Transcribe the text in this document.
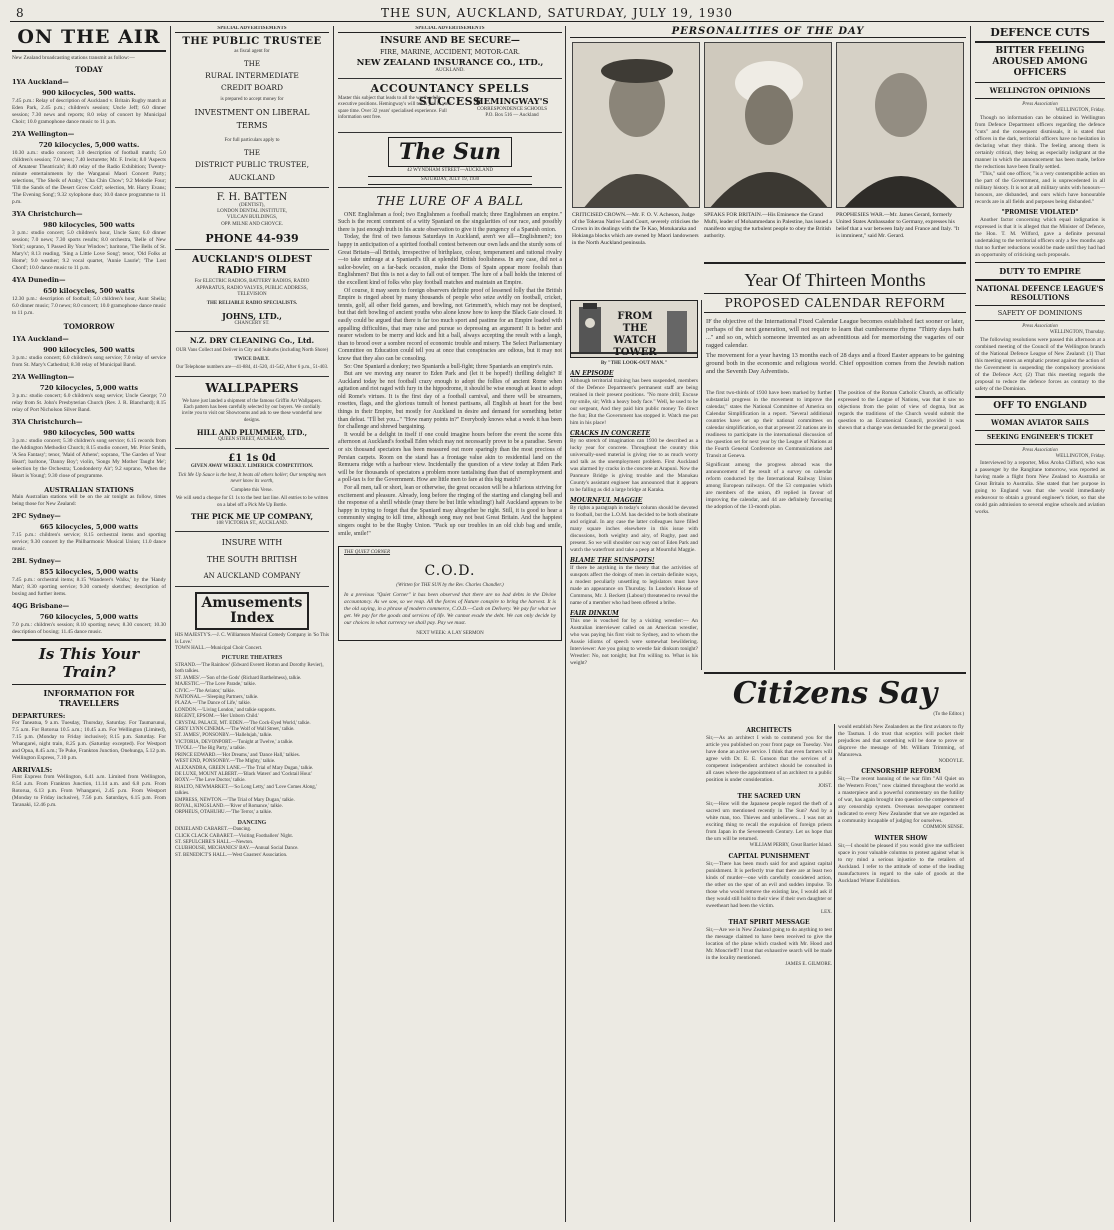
8	THE SUN, AUCKLAND, SATURDAY, JULY 19, 1930
ON THE AIR
New Zealand broadcasting stations transmit as follow:—
TODAY
1YA Auckland—
900 kilocycles, 500 watts.
7.45 p.m.: Relay of description of Auckland v. Britain Rugby match at Eden Park, 2.45 p.m.; children's session; Uncle Jeff; 6.0 dinner session; 7.30 news and reports; 8.0 relay of concert by Municipal Choir; 10.0 gramophone dance music to 11 p.m.
2YA Wellington—
720 kilocycles, 5,000 watts.
10.30 a.m.: studio concert; 3.0 description of football match; 5.0 children's session; 7.0 news; 7.40 lecturette; Mr. F. Irwin; 8.0 'Aspects of Amateur Theatricals'; 8.40 relay of the Radio Exhibition; Twenty-minute entertainments by the Wanganui Maori Concert Party; selections, 'The Sheik of Araby,' 'Cha Chin Chow'; 9.2 Melodie Four; 'Till the Sands of the Desert Grow Cold'; selection, Mr. Harry Evans; 'The Evening Song'; 9.32 xylophone duo; 10.0 dance programme to 11 p.m.
3YA Christchurch—
980 kilocycles, 500 watts
3 p.m.: studio concert; 5.0 children's hour, Uncle Sam; 6.0 dinner session; 7.0 news; 7.30 sports results; 8.0 orchestra, 'Belle of New York'; soprano, 'I Passed By Your Window'; baritone, 'The Bells of St. Mary's'; 8.13 reading, 'Sing a Little Love Song'; tenor, 'Old Folks at Home'; 9.0 weather; 9.2 vocal quartet, 'Annie Laurie'; 'The Lost Chord'; 10.0 dance music to 11 p.m.
4YA Dunedin—
650 kilocycles, 500 watts
12.30 p.m.: description of football; 5.0 children's hour, Aunt Sheila; 6.0 dinner music; 7.0 news; 8.0 concert; 10.0 gramophone dance music to 11 p.m.
TOMORROW
1YA Auckland—
900 kilocycles, 500 watts
3 p.m.: studio concert; 6.0 children's song service; 7.0 relay of service from St. Mary's Cathedral; 8.30 relay of Municipal Band.
2YA Wellington—
720 kilocycles, 5,000 watts
3 p.m.: studio concert; 6.0 children's song service; Uncle George; 7.0 relay from St. John's Presbyterian Church (Rev. J. R. Blanchard); 8.15 relay of Port Nicholson Silver Band.
3YA Christchurch—
980 kilocycles, 500 watts
3 p.m.: studio concert; 5.30 children's song service; 6.15 records from the Addington Methodist Church; 8.15 studio concert, Mr. Prior Smith, 'A Sea Fantasy'; tenor, 'Maid of Athens'; soprano, 'The Garden of Your Heart'; baritone, 'Danny Boy'; violin, 'Songs My Mother Taught Me'; selection by the Orchestra; 'Londonderry Air'; 9.2 soprano, 'When the Heart is Young'; 9.30 close of programme.
AUSTRALIAN STATIONS
Main Australian stations will be on the air tonight as follow, times being those for New Zealand:
2FC Sydney—
665 kilocycles, 5,000 watts
7.15 p.m.: children's service; 8.15 orchestral items and sporting service; 9.30 concert by the Philharmonic Musical Union; 11.0 dance music.
2BL Sydney—
855 kilocycles, 5,000 watts
7.45 p.m.: orchestral items; 8.15 'Wanderer's Walks,' by the 'Handy Man'; 8.30 sporting service; 9.30 comedy sketches; description of boxing and further items.
4QG Brisbane—
760 kilocycles, 5,000 watts
7.0 p.m.: children's session; 8.10 sporting news; 8.30 concert; 10.30 description of boxing; 11.45 dance music.
Is This Your Train?
INFORMATION FOR TRAVELLERS
DEPARTURES:
For Taneatua, 9 a.m. Tuesday, Thursday, Saturday. For Taumarunui, 7.5 a.m. For Rotorua 10.5 a.m.; 10.45 a.m. For Wellington (Limited), 7.15 p.m. (Monday to Friday inclusive); 8.15 p.m. Saturday. For Whangarei, night train, 8.25 p.m. (Saturday excepted). For Westport and Opua, 8.45 a.m.; Te Puke, Frankton Junction, Onehunga, 5.12 p.m. Wellington Express, 7.10 p.m.
ARRIVALS:
First Express from Wellington, 6.41 a.m. Limited from Wellington, 8.54 a.m. From Frankton Junction, 11.14 a.m. and 6.8 p.m. From Rotorua, 6.13 p.m. From Whangarei, 2.45 p.m. From Westport (Monday to Friday inclusive), 7.56 p.m. Saturdays, 6.15 p.m. From Taranaki, 12.46 p.m.
SPECIAL ADVERTISEMENTS
THE PUBLIC TRUSTEE
as fiscal agent for
THE
RURAL INTERMEDIATE
CREDIT BOARD
is prepared to accept money for
INVESTMENT ON LIBERAL
TERMS
For full particulars apply to
THE
DISTRICT PUBLIC TRUSTEE,
AUCKLAND
F. H. BATTEN
(DENTIST),
LONDON DENTAL INSTITUTE,
VULCAN BUILDINGS,
OPP. MILNE AND CHOYCE.
PHONE 44-939
AUCKLAND'S OLDEST RADIO FIRM
For ELECTRIC RADIOS, BATTERY RADIOS, RADIO APPARATUS, RADIO VALVES, PUBLIC ADDRESS, TELEVISION
THE RELIABLE RADIO SPECIALISTS.
JOHNS, LTD.,
CHANCERY ST.
N.Z. DRY CLEANING Co., Ltd.
OUR Vans Collect and Deliver in City and Suburbs (including North Shore)
TWICE DAILY.
Our Telephone numbers are—41-884, 41-520, 41-542, After 6 p.m., 51-403.
WALLPAPERS
We have just landed a shipment of the famous Griffin Art Wallpapers. Each pattern has been carefully selected by our buyers. We cordially invite you to visit our Showrooms and ask to see these wonderful new designs.
HILL AND PLUMMER, LTD.,
QUEEN STREET, AUCKLAND.
£1 1s 0d
GIVEN AWAY WEEKLY. LIMERICK COMPETITION.
Tick Me Up Sauce is the best, It beats all others holler; Our tempting men never know its worth,
Complete this Verse.
We will send a cheque for £1 1s to the best last line. All entries to be written on a label off a Pick Me Up Bottle.
THE PICK ME UP COMPANY,
108 VICTORIA ST., AUCKLAND.
INSURE WITH
THE SOUTH BRITISH
AN AUCKLAND COMPANY
Amusements Index
HIS MAJESTY'S.—J. C. Williamson Musical Comedy Company in 'So This Is Love.'
TOWN HALL.—Municipal Choir Concert.
PICTURE THEATRES
STRAND.—'The Rainbow' (Edward Everett Horton and Dorothy Revier), both talkies.
ST. JAMES'.—'Son of the Gods' (Richard Barthelmess), talkie.
MAJESTIC.—'The Love Parade,' talkie.
CIVIC.—'The Aviator,' talkie.
NATIONAL.—'Sleeping Partners,' talkie.
PLAZA.—'The Dance of Life,' talkie.
LONDON.—'Living London,' and talkie supports.
REGENT, EPSOM.—'Her Unborn Child.'
CRYSTAL PALACE, MT. EDEN.—'The Cock-Eyed World,' talkie.
GREY LYNN CINEMA.—'The Wolf of Wall Street,' talkie.
ST. JAMES', PONSONBY.—'Hallelujah,' talkie.
VICTORIA, DEVONPORT.—'Tonight at Twelve,' a talkie.
TIVOLI.—'The Big Party,' a talkie.
PRINCE EDWARD.—'Hot Dreams,' and 'Dance Hall,' talkies.
WEST END, PONSONBY.—'The Mighty,' talkie.
ALEXANDRA, GREEN LANE.—'The Trial of Mary Dugan,' talkie.
DE LUXE, MOUNT ALBERT.—'Black Waters' and 'Cocktail Hour.'
ROXY.—'The Love Doctor,' talkie.
RIALTO, NEWMARKET.—'So Long Letty,' and 'Love Comes Along,' talkies.
EMPRESS, NEWTON.—'The Trial of Mary Dugan,' talkie.
ROYAL, KINGSLAND.—'River of Romance,' talkie.
ORPHEUS, OTAHUHU.—'The Terror,' a talkie.
DANCING
DIXIELAND CABARET.—Dancing.
CLICK CLACK CABARET.—Visiting Footballers' Night.
ST. SEPULCHRE'S HALL.—Newton.
CLUBHOUSE, MECHANICS' BAY.—Annual Social Dance.
ST. BENEDICT'S HALL.—West Coasters' Association.
SPECIAL ADVERTISEMENTS
INSURE AND BE SECURE—
FIRE, MARINE, ACCIDENT, MOTOR-CAR.
NEW ZEALAND INSURANCE CO., LTD.,
AUCKLAND.
ACCOUNTANCY SPELLS SUCCESS
Master this subject that leads to all the worth-while executive positions. Hemingway's will teach you in your spare time. Over 32 years' specialised experience. Full information sent free.
HEMINGWAY'S
CORRESPONDENCE SCHOOLS
P.O. Box 516 — Auckland
The Sun
42 WYNDHAM STREET—AUCKLAND
SATURDAY, JULY 19, 1930
THE LURE OF A BALL
ONE Englishman a fool; two Englishmen a football match; three Englishmen an empire." Such is the recent comment of a witty Spaniard on the singularities of our race, and possibly there is just enough truth in his acute observation to give it the pungency of a Spanish onion.
Today, the first of two famous Saturdays in Auckland, aren't we all—Englishmen?; too happy in anticipation of a spirited football contest between our own lads and the sturdy sons of Great Britain—all British, irrespective of birthplace, colour, temperament and rational rivalry—to take umbrage at a Spaniard's tilt at splendid British foolishness. In any case, did not a sailor-bowler, on a far-back occasion, make the Dons of Spain appear more foolish than Englishmen? But this is not a day to fall out of temper. The lure of a ball holds the interest of the excellent kind of folks who play football matches and maintain an Empire.
Of course, it may seem to foreign observers definite proof of lessened folly that the British Empire is ringed about by many thousands of people who seize avidly on football, cricket, tennis, golf, all other field games, and bowling, not Grimmett's, which may not be despised, but that deft bowling of ancient youths who alone know how to keep the Black Gate closed. It easily could be argued that there is far too much sport and pastime for an Empire loaded with appalling difficulties, that may raise and pursue so depressing an argument! It is better and nearer wisdom to be merry and kick and hit a ball, always accepting the result with a laugh, than to brood over a sombre record of economic trouble and misery. The Select Parliamentary Committee on Education could tell you at once that conspiracies are odious, but it may not know that they also can be consoling.
So: One Spaniard a donkey; two Spaniards a bull-fight; three Spaniards an empire's ruin.
But are we moving any nearer to Eden Park and (let it be hoped!) thrilling delight? If Auckland today be not football crazy enough to adopt the follies of ancient Rome when agitation and riot raged with fury in the hippodrome, it should be wise enough at least to adopt old Rome's virtues. It is the first day of a football carnival, and there will be streamers, rosettes, flags, and the glorious tumult of honest partisans, all English at heart for the best things in their Empire, but mostly for Auckland in desire and demand for something better than defeat. "I'll bet you..." "How many points in?" Everybody knows what a week it has been for challenge and shrewd bargaining.
It would be a delight in itself if one could imagine hours before the event the scene this afternoon at Auckland's football Eden which may not necessarily prove to be a paradise. Seven or six thousand spectators has been measured out more sparingly than the most precious of Persian carpets. Room on the stand has a frontage value akin to residential land on the Remuera ridge with a harbour view. Incidentally the question of a view today at Eden Park will be for thousands of spectators a problem more tantalising than that of unemployment and a poll-tax is for the Government. How are little men to fare at this big match?
For all men, tall or short, lean or otherwise, the great occasion will be a hilarious striving for excitement and pleasure. Already, long before the ringing of the starting and clanging bell and the response of a shrill whistle (may there be but little whistling!) half Auckland appears to be happy in trying to forget that the Spaniard may altogether be right. Still, it is good to hear a community singing to kill time, although song may not beat Great Britain. And the happiest singers ought to be the Rugby Union. "Pack up our troubles in an old club bag and smile, smile, smile!"
THE QUIET CORNER
C.O.D.
(Written for THE SUN by the Rev. Charles Chandler.)
In a previous "Quiet Corner" it has been observed that there are no bad debts in the Divine accountancy. As we sow, so we reap. All the forces of Nature conspire to bring the harvest. It is the old saying, in a phrase of modern commerce, C.O.D.—Cash on Delivery. We pay for what we get. We pay for the goods and services of life. We cannot evade the debt. We can only decide by our choices in what currency we shall pay. Pay we must.
NEXT WEEK: A LAY SERMON
FROM THE WATCH TOWER
By "THE LOOK-OUT MAN."
AN EPISODE
Although territorial training has been suspended, members of the Defence Department's permanent staff are being retained in their present positions. "No more drill; Excuse my smile, sir; With a heavy body face." Well, he used to be our sergeant, And they paid him public money To direct the fun; But the Government has stopped it. Watch me put him in his place!
CRACKS IN CONCRETE
By no stretch of imagination can 1930 be described as a lucky year for concrete. Throughout the country this universally-used material is giving rise to as much worry and talk as the unemployment problem. First Auckland was alarmed by cracks in the concrete at Arapuni. Now the Panmure Bridge is giving trouble and the Manukau County's assistant engineer has announced that it appears to be falling as did a large bridge at Karaka.
MOURNFUL MAGGIE
By rights a paragraph in today's column should be devoted to football, but the L.O.M. has decided to be both obstinate and original. In any case the latter colleagues have filled many square inches elsewhere in this issue with discussions, both weighty and airy, of Rugby, past and present. So we will shoulder our way out of Eden Park and watch the waterfront and take a peep at Mournful Maggie.
BLAME THE SUNSPOTS!
If there be anything in the theory that the activities of sunspots affect the doings of men in certain definite ways, a modest peculiarly unsettling to legislators must have made an appearance on Thursday. In London's House of Commons, Mr. J. Beckett (Labour) threatened to reveal the name of a member who had been offered a bribe.
FAIR DINKUM
This one is vouched for by a visiting wrestler:— An Australian interviewer called on an American wrestler, who was paying his first visit to Sydney, and to whom the Aussie idioms of speech were somewhat bewildering. Interviewer: Are you going to wrestle fair dinkum tonight? Wrestler: No, not tonight; but I'm willing to. What is his weight?
PERSONALITIES OF THE DAY
CRITICISED CROWN.—Mr. F. O. V. Acheson, Judge of the Tokerau Native Land Court, severely criticises the Crown in its dealings with the Te Kao, Motukaraka and Hokianga blocks which are owned by Maori landowners in the North Auckland peninsula.
SPEAKS FOR BRITAIN.—His Eminence the Grand Mufti, leader of Mohammedans in Palestine, has issued a manifesto urging the turbulent people to obey the British authority.
PROPHESIES WAR.—Mr. James Gerard, formerly United States Ambassador to Germany, expresses his belief that a war between Italy and France and Italy. "It is imminent," said Mr. Gerard.
Year Of Thirteen Months
PROPOSED CALENDAR REFORM
IF the objective of the International Fixed Calendar League becomes established fact sooner or later, perhaps of the next generation, will not require to learn that cumbersome rhyme "Thirty days hath ..." and so on, which someone invented as an adventitious aid for memorising the vagaries of our ragged calendar.
The movement for a year having 13 months each of 28 days and a fixed Easter appears to be gaining ground both in the economic and religious world. Chief opposition comes from the Jewish nation and the Seventh Day Adventists.
The first two-thirds of 1930 have been marked by further substantial progress in the movement to improve the calendar," states the National Committee of America on Calendar Simplification in a report. "Several additional countries have set up their national committees on calendar simplification, so that at present 22 nations are in readiness to participate in the international discussion of the question set for next year by the League of Nations at the Fourth General Conference on Communications and Transit at Geneva.
Significant among the progress abroad was the announcement of the result of a survey on calendar reform conducted by the International Railway Union among European railways. Of the 53 companies which are members of the union, 49 replied in favour of improving the calendar, and 44 are definitely favouring the adoption of the 13-month plan.
The position of the Roman Catholic Church, as officially expressed to the League of Nations, was that it saw no objections from the point of view of dogma, but as regards the traditions of the Church would submit the question to an Ecumenical Council, provided it was shown that a change was demanded for the general good.
Citizens Say
(To the Editor.)
ARCHITECTS
Sir,—As an architect I wish to commend you for the article you published on your front page on Tuesday. You have done an active service. I think that even farmers will agree with Dr. E. E. Gunson that the services of a competent independent architect should be consulted in all cases where the appointment of an architect to a public position is under consideration.
JOIST.
THE SACRED URN
Sir,—How will the Japanese people regard the theft of a sacred urn mentioned recently in The Sun? And by a white man, too. Thieves and unbelievers... I was not an exciting thing to recall the expulsion of foreign priests from Japan in the Seventeenth Century. Let us hope that the urn will be returned.
WILLIAM PERRY, Great Barrier Island.
CAPITAL PUNISHMENT
Sir,—There has been much said for and against capital punishment. It is perfectly true that there are at least two kinds of murder—one with carefully considered action, the other on the spur of an evil and sudden impulse. To those who would remove the existing law, I would ask if they would still hold to their view if their own daughter or sweetheart had been the victim.
LEX.
THAT SPIRIT MESSAGE
Sir,—Are we in New Zealand going to do anything to test the message claimed to have been received to give the location of the plane which crashed with Mr. Hood and Mr. Moncrieff? I trust that exhaustive search will be made in the locality mentioned.
JAMES E. GILMORE.
would establish New Zealanders as the first aviators to fly the Tasman. I do trust that sceptics will pocket their prejudices and that something will be done to prove or disprove the message of Mr. William Trimming, of Manurewa.
NODOYLE.
CENSORSHIP REFORM
Sir,—The recent banning of the war film "All Quiet on the Western Front," now claimed throughout the world as a masterpiece and a powerful commentary on the futility of war, has again brought into question the competence of any censorship system. Overseas newspaper comment indicated to every New Zealander that we are regarded as a community incapable of judging for ourselves.
COMMON SENSE.
WINTER SHOW
Sir,—I should be pleased if you would give me sufficient space in your valuable columns to protest against what is to my mind a serious injustice to the retailers of Auckland. I refer to the attitude of some of the leading manufacturers in regard to the sale of goods at the Auckland Winter Exhibition.
DEFENCE CUTS
BITTER FEELING AROUSED AMONG OFFICERS
WELLINGTON OPINIONS
Press Association
WELLINGTON, Friday.
Though no information can be obtained in Wellington from Defence Department officers regarding the defence "cuts" and the consequent dismissals, it is stated that officers in the dark, territorial officers have no hesitation in declaring what they think. The feeling among them is certainly critical, they being as especially indignant at the manner in which the announcement has been made, before the reductions have been finally settled.
"This," said one officer, "is a very contemptible action on the part of the Government, and is unprecedented in all military history. It is not at all military units with honours—honours, are disbanded, and ours which have honourable records are in all fields and purposes being disbanded."
"PROMISE VIOLATED"
Another factor concerning which equal indignation is expressed is that it is alleged that the Minister of Defence, the Hon. T. M. Wilford, gave a definite personal undertaking to the territorial officers only a few months ago that no further reductions would be made until they had had an opportunity of criticising such proposals.
DUTY TO EMPIRE
NATIONAL DEFENCE LEAGUE'S RESOLUTIONS
SAFETY OF DOMINIONS
Press Association
WELLINGTON, Thursday.
The following resolutions were passed this afternoon at a combined meeting of the Council of the Wellington branch of the National Defence League of New Zealand: (1) That this meeting enters an emphatic protest against the action of the Government in suspending the compulsory provisions of the Defence Act; (2) That this meeting regards the proposal to reduce the defence forces as contrary to the safety of the Dominion.
OFF TO ENGLAND
WOMAN AVIATOR SAILS
SEEKING ENGINEER'S TICKET
Press Association
WELLINGTON, Friday.
Interviewed by a reporter, Miss Aroha Clifford, who was a passenger by the Rangitane tomorrow, was reported as having made a flight from New Zealand to Australia or Great Britain to Australia. She stated that her purpose in going to England was that she would immediately endeavour to obtain a ground engineer's ticket, so that she could gain admission to several engine schools and aviation works.
